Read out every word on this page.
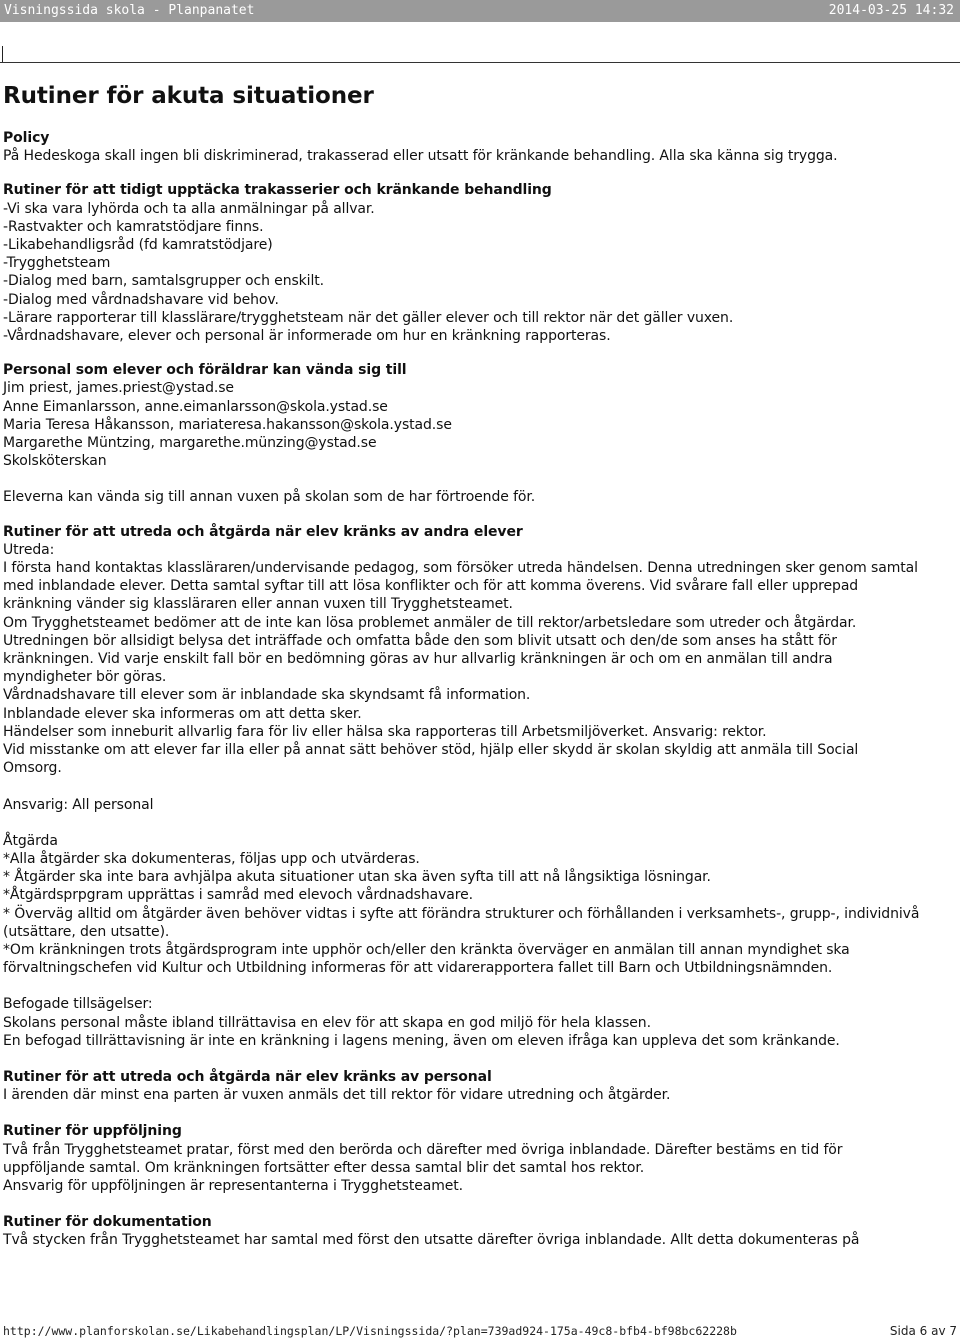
Visningssida skola - Planpanatet	2014-03-25 14:32
Rutiner för akuta situationer

Policy

På Hedeskoga skall ingen bli diskriminerad, trakasserad eller utsatt för kränkande behandling. Alla ska känna sig trygga.

Rutiner för att tidigt upptäcka trakasserier och kränkande behandling

-Vi ska vara lyhörda och ta alla anmälningar på allvar.

-Rastvakter och kamratstödjare finns.

-Likabehandligsråd (fd kamratstödjare)

-Trygghetsteam

-Dialog med barn, samtalsgrupper och enskilt.

-Dialog med vårdnadshavare vid behov.

-Lärare rapporterar till klasslärare/trygghetsteam när det gäller elever och till rektor när det gäller vuxen.

-Vårdnadshavare, elever och personal är informerade om hur en kränkning rapporteras.

Personal som elever och föräldrar kan vända sig till

Jim priest, james.priest@ystad.se

Anne Eimanlarsson, anne.eimanlarsson@skola.ystad.se

Maria Teresa Håkansson, mariateresa.hakansson@skola.ystad.se

Margarethe Müntzing, margarethe.münzing@ystad.se

Skolsköterskan

Eleverna kan vända sig till annan vuxen på skolan som de har förtroende för.

Rutiner för att utreda och åtgärda när elev kränks av andra elever

Utreda:

I första hand kontaktas klassläraren/undervisande pedagog, som försöker utreda händelsen. Denna utredningen sker genom samtal

med inblandade elever. Detta samtal syftar till att lösa konflikter och för att komma överens. Vid svårare fall eller upprepad

kränkning vänder sig klassläraren eller annan vuxen till Trygghetsteamet.

Om Trygghetsteamet bedömer att de inte kan lösa problemet anmäler de till rektor/arbetsledare som utreder och åtgärdar.

Utredningen bör allsidigt belysa det inträffade och omfatta både den som blivit utsatt och den/de som anses ha stått för

kränkningen. Vid varje enskilt fall bör en bedömning göras av hur allvarlig kränkningen är och om en anmälan till andra

myndigheter bör göras.

Vårdnadshavare till elever som är inblandade ska skyndsamt få information.

Inblandade elever ska informeras om att detta sker.

Händelser som inneburit allvarlig fara för liv eller hälsa ska rapporteras till Arbetsmiljöverket. Ansvarig: rektor.

Vid misstanke om att elever far illa eller på annat sätt behöver stöd, hjälp eller skydd är skolan skyldig att anmäla till Social

Omsorg.

Ansvarig: All personal

Åtgärda

*Alla åtgärder ska dokumenteras, följas upp och utvärderas.

* Åtgärder ska inte bara avhjälpa akuta situationer utan ska även syfta till att nå långsiktiga lösningar.

*Åtgärdsprpgram upprättas i samråd med elevoch vårdnadshavare.

* Överväg alltid om åtgärder även behöver vidtas i syfte att förändra strukturer och förhållanden i verksamhets-, grupp-, individnivå

(utsättare, den utsatte).

*Om kränkningen trots åtgärdsprogram inte upphör och/eller den kränkta överväger en anmälan till annan myndighet ska

förvaltningschefen vid Kultur och Utbildning informeras för att vidarerapportera fallet till Barn och Utbildningsnämnden.

Befogade tillsägelser:

Skolans personal måste ibland tillrättavisa en elev för att skapa en god miljö för hela klassen.

En befogad tillrättavisning är inte en kränkning i lagens mening, även om eleven ifråga kan uppleva det som kränkande.

Rutiner för att utreda och åtgärda när elev kränks av personal

I ärenden där minst ena parten är vuxen anmäls det till rektor för vidare utredning och åtgärder.

Rutiner för uppföljning

Två från Trygghetsteamet pratar, först med den berörda och därefter med övriga inblandade. Därefter bestäms en tid för

uppföljande samtal. Om kränkningen fortsätter efter dessa samtal blir det samtal hos rektor.

Ansvarig för uppföljningen är representanterna i Trygghetsteamet.

Rutiner för dokumentation

Två stycken från Trygghetsteamet har samtal med först den utsatte därefter övriga inblandade. Allt detta dokumenteras på

http://www.planforskolan.se/Likabehandlingsplan/LP/Visningssida/?plan=739ad924-175a-49c8-bfb4-bf98bc62228b	Sida 6 av 7
